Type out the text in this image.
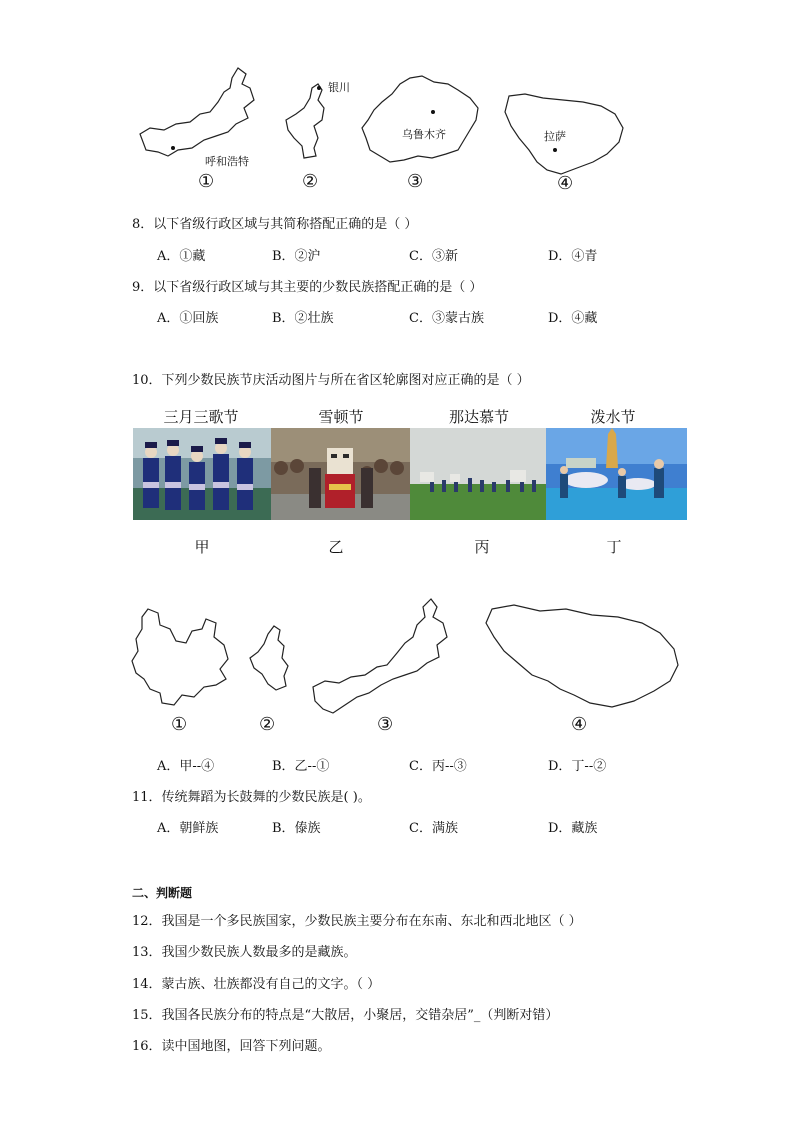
呼和浩特
银川
乌鲁木齐	拉萨
①	②	③	④
8．以下省级行政区域与其简称搭配正确的是（ ）
A．①藏	B．②沪	C．③新	D．④青
9．以下省级行政区域与其主要的少数民族搭配正确的是（ ）
A．①回族	B．②壮族	C．③蒙古族	D．④藏
10．下列少数民族节庆活动图片与所在省区轮廓图对应正确的是（ ）
三月三歌节	雪顿节	那达慕节	泼水节
甲	乙	丙	丁
①	②	③	④
A．甲--④	B．乙--①	C．丙--③	D．丁--②
11．传统舞蹈为长鼓舞的少数民族是( )。
A．朝鲜族	B．傣族	C．满族	D．藏族
二、判断题
12．我国是一个多民族国家，少数民族主要分布在东南、东北和西北地区（ ）
13．我国少数民族人数最多的是藏族。
14．蒙古族、壮族都没有自己的文字。（ ）
15．我国各民族分布的特点是“大散居，小聚居，交错杂居”_（判断对错）
16．读中国地图，回答下列问题。
